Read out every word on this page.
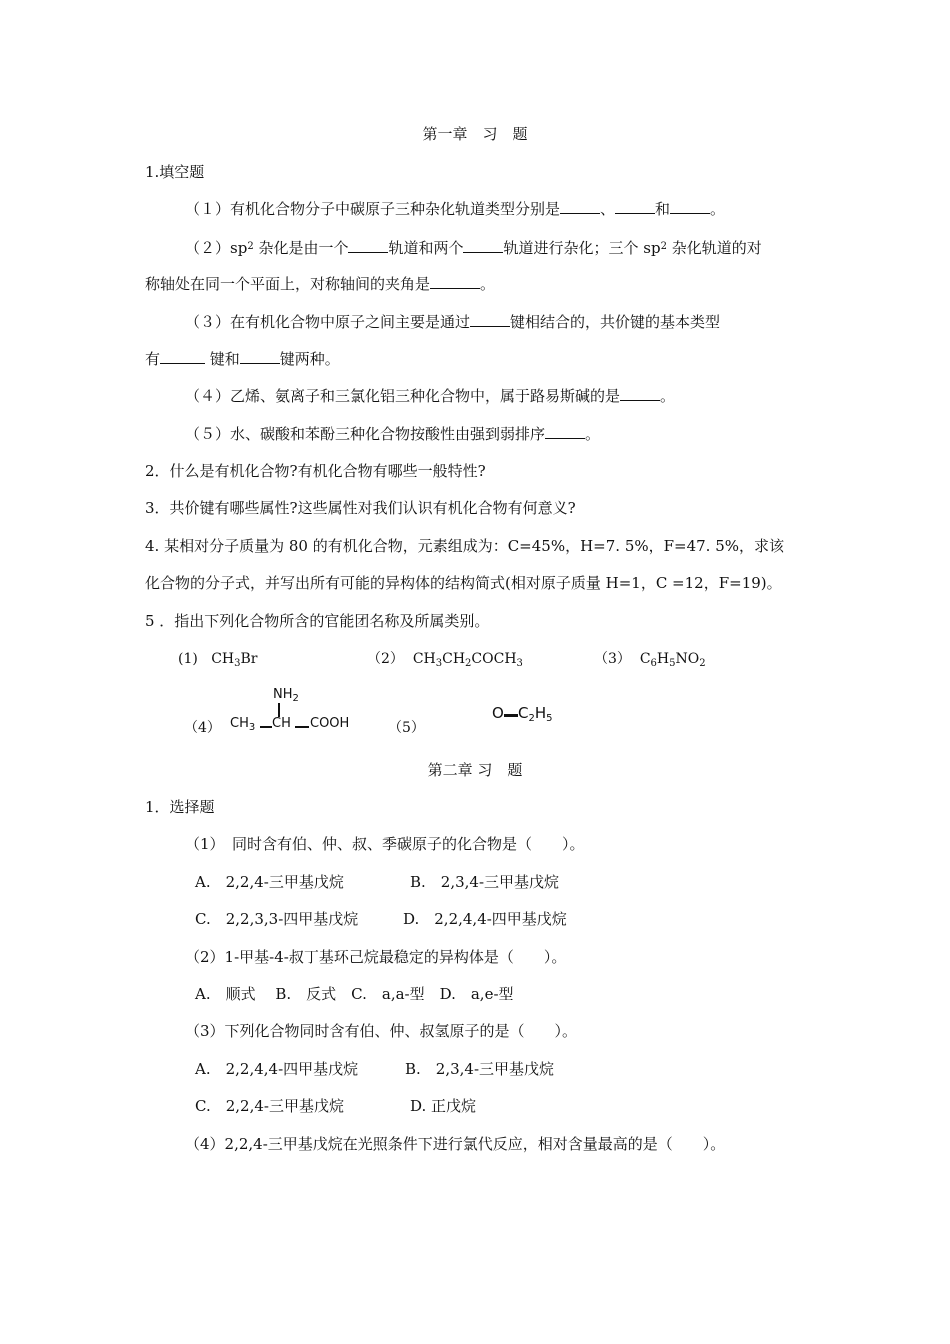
第一章　习　题
1.填空题
（１）有机化合物分子中碳原子三种杂化轨道类型分别是	、	和	。
$(2)sp^2$ 杂化是由一个	轨道和两个	轨道进行杂化；三个 $sp^2$ 杂化轨道的对
称轴处在同一个平面上，对称轴间的夹角是	。
（３）在有机化合物中原子之间主要是通过	键相结合的，共价键的基本类型
有	键和	键两种。
（４）乙烯、氨离子和三氯化铝三种化合物中，属于路易斯碱的是	。
（５）水、碳酸和苯酚三种化合物按酸性由强到弱排序	。
2．什么是有机化合物?有机化合物有哪些一般特性?
3．共价键有哪些属性?这些属性对我们认识有机化合物有何意义?
4. 某相对分子质量为 80 的有机化合物，元素组成为：C=45%，H=7. 5%，F=47. 5%，求该
化合物的分子式，并写出所有可能的异构体的结构简式(相对原子质量 H=1，C =12，F=19)。
5 ．指出下列化合物所含的官能团名称及所属类别。
(1)   $CH_3Br$	（2）  $CH_3CH_2COCH_3$	（3）  $C_6H_5NO_2$
（4）
$NH_2$
$CH_3$ CH COOH	（5）
O $C_2H_5$
第二章 习　题
1．选择题
（1）　同时含有伯、仲、叔、季碳原子的化合物是（　　）。
A.　2,2,4-三甲基戊烷	B.　2,3,4-三甲基戊烷
C.　2,2,3,3-四甲基戊烷	D.　2,2,4,4-四甲基戊烷
（2）1-甲基-4-叔丁基环己烷最稳定的异构体是（　　）。
A.　顺式　 B.　反式　C.　a,a-型　D.　a,e-型
（3）下列化合物同时含有伯、仲、叔氢原子的是（　　）。
A.　2,2,4,4-四甲基戊烷	B.　2,3,4-三甲基戊烷
C.　2,2,4-三甲基戊烷	D. 正戊烷
（4）2,2,4-三甲基戊烷在光照条件下进行氯代反应，相对含量最高的是（　　）。
